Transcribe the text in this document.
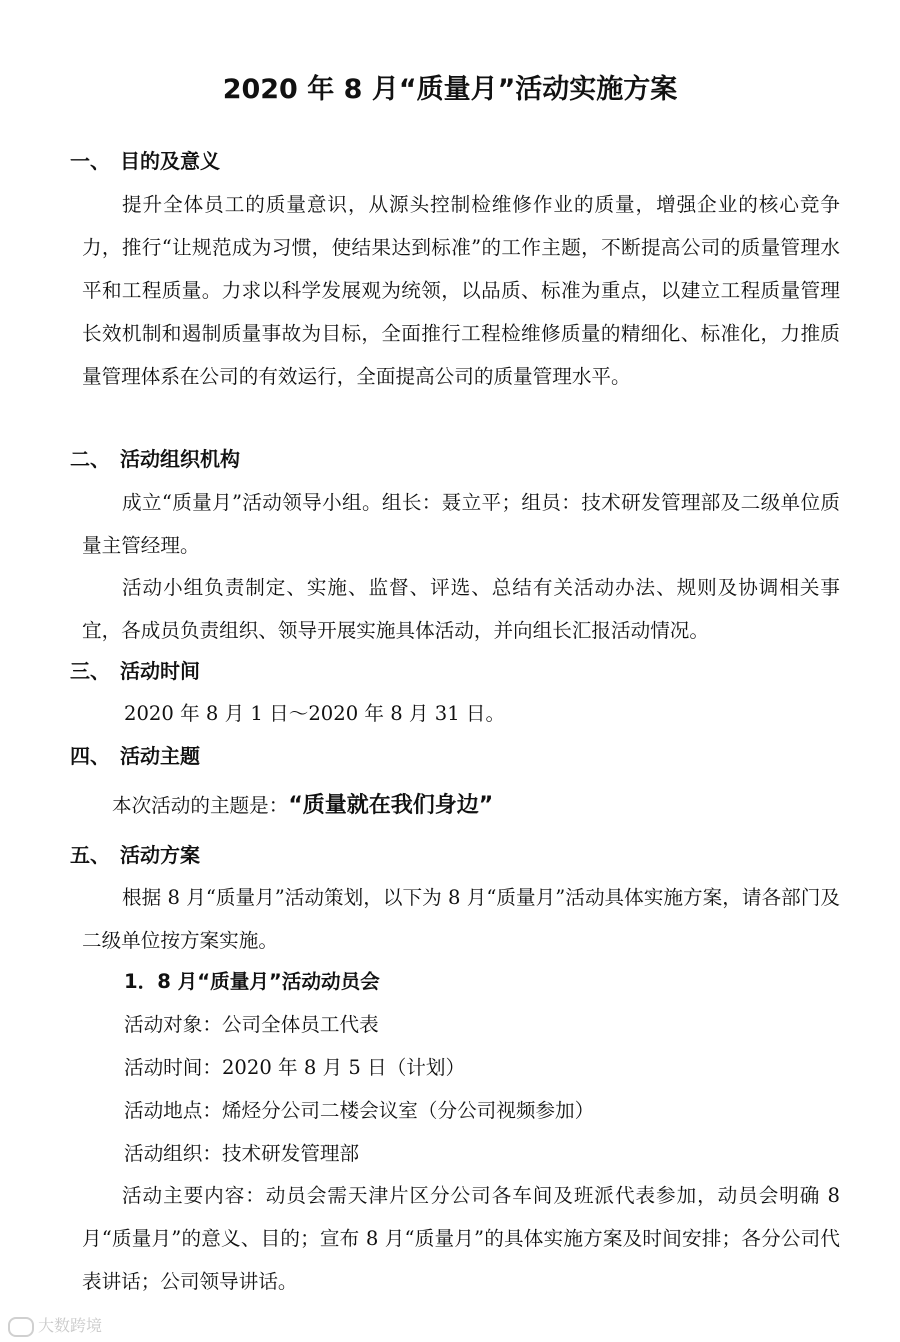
2020 年 8 月“质量月”活动实施方案
一、 目的及意义

提升全体员工的质量意识，从源头控制检维修作业的质量，增强企业的核心竞争力，推行“让规范成为习惯，使结果达到标准”的工作主题，不断提高公司的质量管理水平和工程质量。力求以科学发展观为统领，以品质、标准为重点，以建立工程质量管理长效机制和遏制质量事故为目标，全面推行工程检维修质量的精细化、标准化，力推质量管理体系在公司的有效运行，全面提高公司的质量管理水平。

二、 活动组织机构

成立“质量月”活动领导小组。组长：聂立平；组员：技术研发管理部及二级单位质量主管经理。

活动小组负责制定、实施、监督、评选、总结有关活动办法、规则及协调相关事宜，各成员负责组织、领导开展实施具体活动，并向组长汇报活动情况。

三、 活动时间
2020 年 8 月 1 日～2020 年 8 月 31 日。
四、 活动主题
本次活动的主题是：“质量就在我们身边”
五、 活动方案

根据 8 月“质量月”活动策划，以下为 8 月“质量月”活动具体实施方案，请各部门及二级单位按方案实施。

1．8 月“质量月”活动动员会
活动对象：公司全体员工代表
活动时间：2020 年 8 月 5 日（计划）
活动地点：烯烃分公司二楼会议室（分公司视频参加）
活动组织：技术研发管理部

活动主要内容：动员会需天津片区分公司各车间及班派代表参加，动员会明确 8 月“质量月”的意义、目的；宣布 8 月“质量月”的具体实施方案及时间安排；各分公司代表讲话；公司领导讲话。

大数跨境
